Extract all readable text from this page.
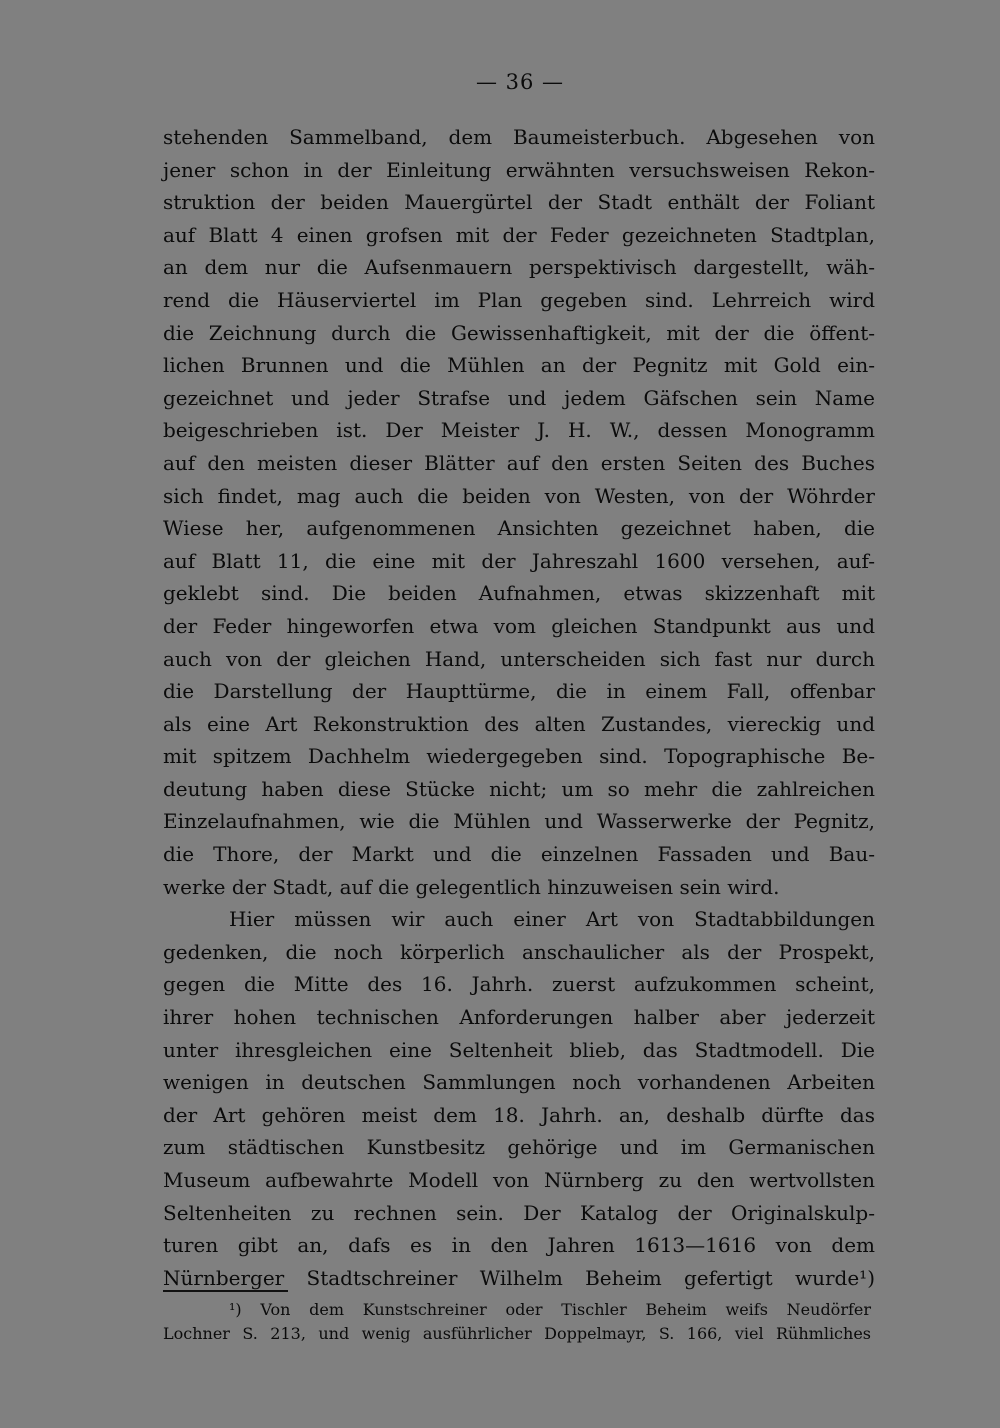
— 36 —
stehenden Sammelband, dem Baumeisterbuch. Abgesehen von
jener schon in der Einleitung erwähnten versuchsweisen Rekon-
struktion der beiden Mauergürtel der Stadt enthält der Foliant
auf Blatt 4 einen grofsen mit der Feder gezeichneten Stadtplan,
an dem nur die Aufsenmauern perspektivisch dargestellt, wäh-
rend die Häuserviertel im Plan gegeben sind. Lehrreich wird
die Zeichnung durch die Gewissenhaftigkeit, mit der die öffent-
lichen Brunnen und die Mühlen an der Pegnitz mit Gold ein-
gezeichnet und jeder Strafse und jedem Gäfschen sein Name
beigeschrieben ist. Der Meister J. H. W., dessen Monogramm
auf den meisten dieser Blätter auf den ersten Seiten des Buches
sich findet, mag auch die beiden von Westen, von der Wöhrder
Wiese her, aufgenommenen Ansichten gezeichnet haben, die
auf Blatt 11, die eine mit der Jahreszahl 1600 versehen, auf-
geklebt sind. Die beiden Aufnahmen, etwas skizzenhaft mit
der Feder hingeworfen etwa vom gleichen Standpunkt aus und
auch von der gleichen Hand, unterscheiden sich fast nur durch
die Darstellung der Haupttürme, die in einem Fall, offenbar
als eine Art Rekonstruktion des alten Zustandes, viereckig und
mit spitzem Dachhelm wiedergegeben sind. Topographische Be-
deutung haben diese Stücke nicht; um so mehr die zahlreichen
Einzelaufnahmen, wie die Mühlen und Wasserwerke der Pegnitz,
die Thore, der Markt und die einzelnen Fassaden und Bau-
werke der Stadt, auf die gelegentlich hinzuweisen sein wird.
Hier müssen wir auch einer Art von Stadtabbildungen
gedenken, die noch körperlich anschaulicher als der Prospekt,
gegen die Mitte des 16. Jahrh. zuerst aufzukommen scheint,
ihrer hohen technischen Anforderungen halber aber jederzeit
unter ihresgleichen eine Seltenheit blieb, das Stadtmodell. Die
wenigen in deutschen Sammlungen noch vorhandenen Arbeiten
der Art gehören meist dem 18. Jahrh. an, deshalb dürfte das
zum städtischen Kunstbesitz gehörige und im Germanischen
Museum aufbewahrte Modell von Nürnberg zu den wertvollsten
Seltenheiten zu rechnen sein. Der Katalog der Originalskulp-
turen gibt an, dafs es in den Jahren 1613—1616 von dem
Nürnberger Stadtschreiner Wilhelm Beheim gefertigt wurde¹)
¹) Von dem Kunstschreiner oder Tischler Beheim weifs Neudörfer
Lochner S. 213, und wenig ausführlicher Doppelmayr, S. 166, viel Rühmliches
